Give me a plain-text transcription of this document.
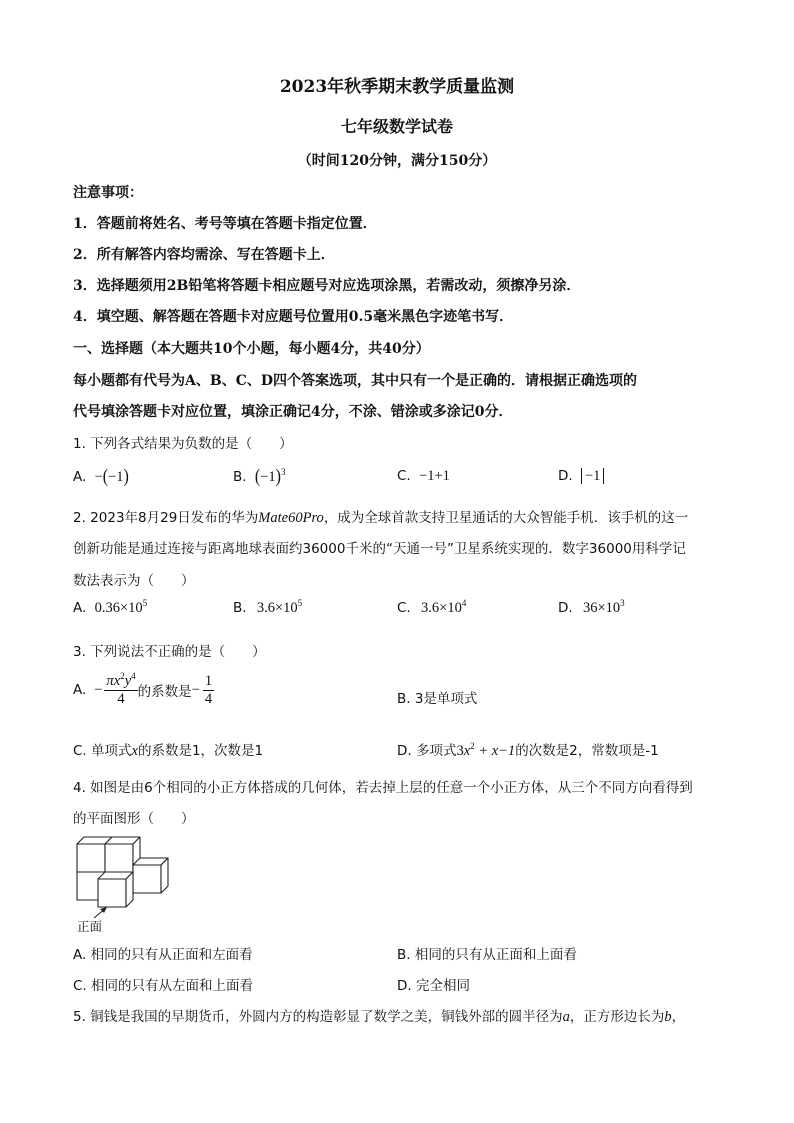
2023年秋季期末教学质量监测
七年级数学试卷
（时间120分钟，满分150分）
注意事项：
1．答题前将姓名、考号等填在答题卡指定位置．
2．所有解答内容均需涂、写在答题卡上．
3．选择题须用2B铅笔将答题卡相应题号对应选项涂黑，若需改动，须擦净另涂．
4．填空题、解答题在答题卡对应题号位置用0.5毫米黑色字迹笔书写．
一、选择题（本大题共10个小题，每小题4分，共40分）
每小题都有代号为A、B、C、D四个答案选项，其中只有一个是正确的．请根据正确选项的
代号填涂答题卡对应位置，填涂正确记4分，不涂、错涂或多涂记0分．
1. 下列各式结果为负数的是（　　）
A. −(−1)	B. $(-1)^3$	C. −1+1	D. −1
2. 2023年8月29日发布的华为Mate60Pro，成为全球首款支持卫星通话的大众智能手机．该手机的这一
创新功能是通过连接与距离地球表面约36000千米的“天通一号”卫星系统实现的．数字36000用科学记
数法表示为（　　）
A. $0.36\times 10^5$	B. $3.6\times 10^5$	C. $3.6\times 10^4$	D. $36\times 10^3$
3. 下列说法不正确的是（　　）
A. − $\frac{\pi x^2y^4}{4}$ 的系数是 − $\frac{1}{4}$	B. 3是单项式
C. 单项式x的系数是1，次数是1	D. 多项式$3x^2 + x-1$的次数是2，常数项是-1
4. 如图是由6个相同的小正方体搭成的几何体，若去掉上层的任意一个小正方体，从三个不同方向看得到
的平面图形（　　）
正面
A. 相同的只有从正面和左面看	B. 相同的只有从正面和上面看
C. 相同的只有从左面和上面看	D. 完全相同
5. 铜钱是我国的早期货币，外圆内方的构造彰显了数学之美，铜钱外部的圆半径为a，正方形边长为b，
